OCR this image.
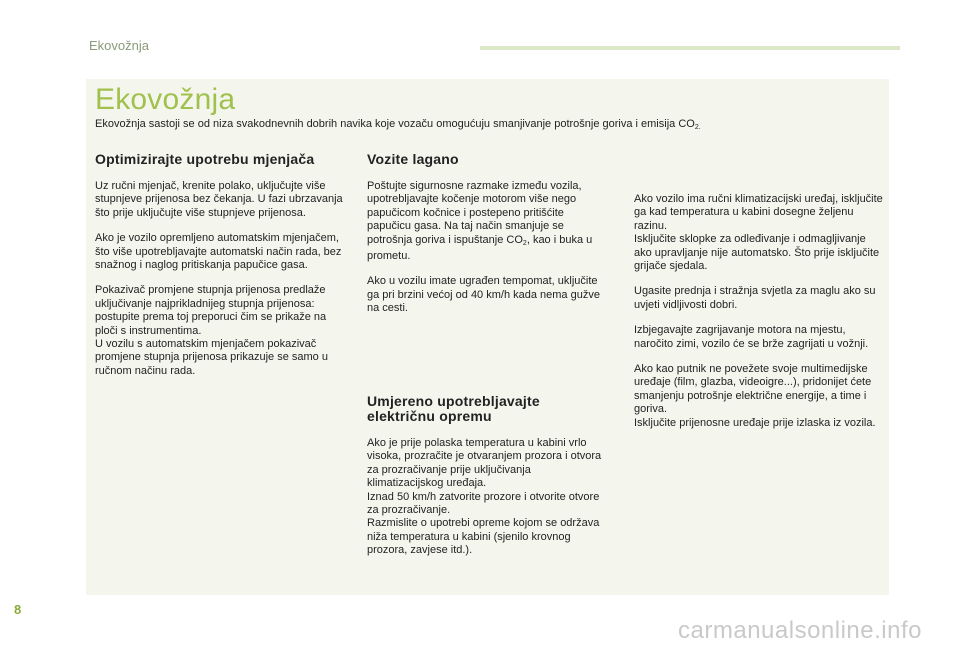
Ekovožnja
Ekovožnja
Ekovožnja sastoji se od niza svakodnevnih dobrih navika koje vozaču omogućuju smanjivanje potrošnje goriva i emisija $CO_{2.}$
Optimizirajte upotrebu mjenjača

Uz ručni mjenjač, krenite polako, uključujte više stupnjeve prijenosa bez čekanja. U fazi ubrzavanja što prije uključujte više stupnjeve prijenosa.

Ako je vozilo opremljeno automatskim mjenjačem, što više upotrebljavajte automatski način rada, bez snažnog i naglog pritiskanja papučice gasa.

Pokazivač promjene stupnja prijenosa predlaže uključivanje najprikladnijeg stupnja prijenosa: postupite prema toj preporuci čim se prikaže na ploči s instrumentima.
U vozilu s automatskim mjenjačem pokazivač promjene stupnja prijenosa prikazuje se samo u ručnom načinu rada.

Vozite lagano

Poštujte sigurnosne razmake između vozila, upotrebljavajte kočenje motorom više nego papučicom kočnice i postepeno pritišćite papučicu gasa. Na taj način smanjuje se potrošnja goriva i ispuštanje $CO_2$, kao i buka u prometu.

Ako u vozilu imate ugrađen tempomat, uključite ga pri brzini većoj od 40 km/h kada nema gužve na cesti.

Umjereno upotrebljavajte električnu opremu

Ako je prije polaska temperatura u kabini vrlo visoka, prozračite je otvaranjem prozora i otvora za prozračivanje prije uključivanja klimatizacijskog uređaja.
Iznad 50 km/h zatvorite prozore i otvorite otvore za prozračivanje.
Razmislite o upotrebi opreme kojom se održava niža temperatura u kabini (sjenilo krovnog prozora, zavjese itd.).

Ako vozilo ima ručni klimatizacijski uređaj, isključite ga kad temperatura u kabini dosegne željenu razinu.
Isključite sklopke za odleđivanje i odmagljivanje ako upravljanje nije automatsko. Što prije isključite grijače sjedala.

Ugasite prednja i stražnja svjetla za maglu ako su uvjeti vidljivosti dobri.

Izbjegavajte zagrijavanje motora na mjestu, naročito zimi, vozilo će se brže zagrijati u vožnji.

Ako kao putnik ne povežete svoje multimedijske uređaje (film, glazba, videoigre...), pridonijet ćete smanjenju potrošnje električne energije, a time i goriva.
Isključite prijenosne uređaje prije izlaska iz vozila.

8
carmanualsonline.info
